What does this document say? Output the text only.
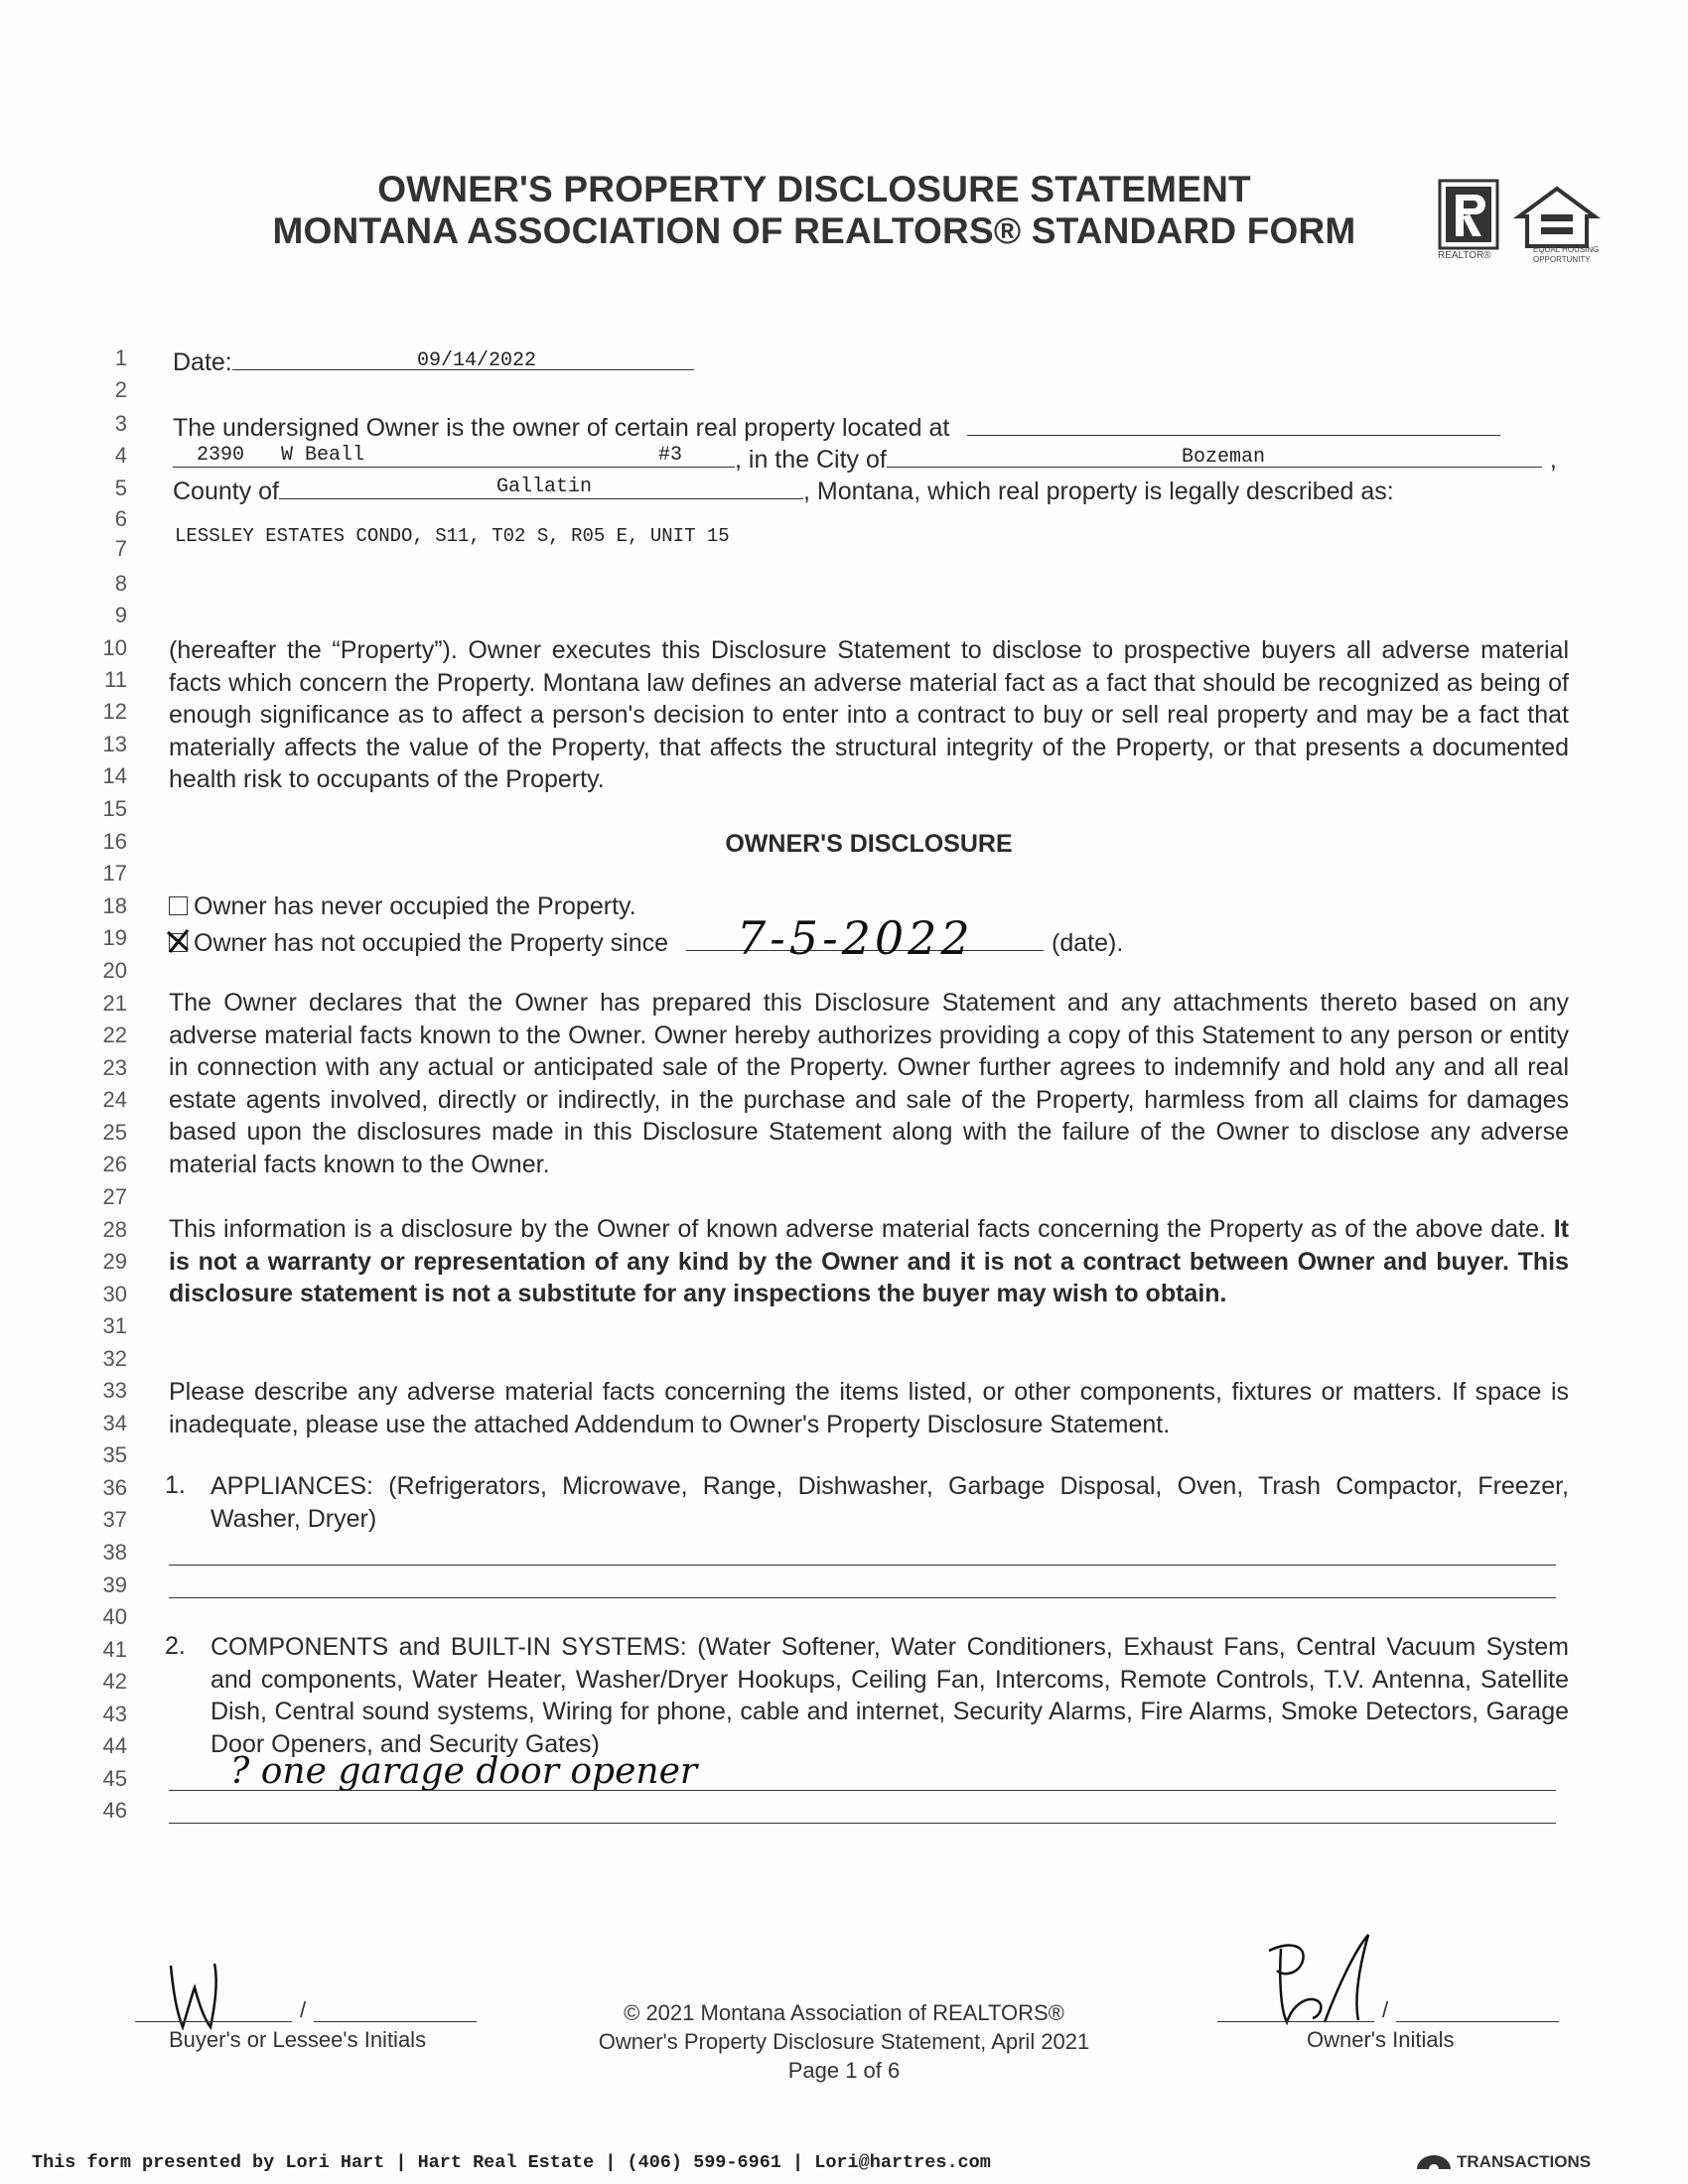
OWNER'S PROPERTY DISCLOSURE STATEMENT
MONTANA ASSOCIATION OF REALTORS® STANDARD FORM
REALTOR®
EQUAL HOUSING
OPPORTUNITY
1
2
3
4
5
6
7
8
9
10
11
12
13
14
15
16
17
18
19
20
21
22
23
24
25
26
27
28
29
30
31
32
33
34
35
36
37
38
39
40
41
42
43
44
45
46
Date:	09/14/2022
The undersigned Owner is the owner of certain real property located at
, in the City of	,
2390 W Beall	#3	Bozeman
County of	, Montana, which real property is legally described as:
Gallatin
LESSLEY ESTATES CONDO, S11, T02 S, R05 E, UNIT 15
(hereafter the “Property”). Owner executes this Disclosure Statement to disclose to prospective buyers all adverse material facts which concern the Property. Montana law defines an adverse material fact as a fact that should be recognized as being of enough significance as to affect a person's decision to enter into a contract to buy or sell real property and may be a fact that materially affects the value of the Property, that affects the structural integrity of the Property, or that presents a documented health risk to occupants of the Property.
OWNER'S DISCLOSURE
Owner has never occupied the Property.
Owner has not occupied the Property since	(date).
7-5-2022
The Owner declares that the Owner has prepared this Disclosure Statement and any attachments thereto based on any adverse material facts known to the Owner. Owner hereby authorizes providing a copy of this Statement to any person or entity in connection with any actual or anticipated sale of the Property. Owner further agrees to indemnify and hold any and all real estate agents involved, directly or indirectly, in the purchase and sale of the Property, harmless from all claims for damages based upon the disclosures made in this Disclosure Statement along with the failure of the Owner to disclose any adverse material facts known to the Owner.
This information is a disclosure by the Owner of known adverse material facts concerning the Property as of the above date. It is not a warranty or representation of any kind by the Owner and it is not a contract between Owner and buyer. This disclosure statement is not a substitute for any inspections the buyer may wish to obtain.
Please describe any adverse material facts concerning the items listed, or other components, fixtures or matters. If space is inadequate, please use the attached Addendum to Owner's Property Disclosure Statement.
1. APPLIANCES: (Refrigerators, Microwave, Range, Dishwasher, Garbage Disposal, Oven, Trash Compactor, Freezer, Washer, Dryer)
2. COMPONENTS and BUILT-IN SYSTEMS: (Water Softener, Water Conditioners, Exhaust Fans, Central Vacuum System and components, Water Heater, Washer/Dryer Hookups, Ceiling Fan, Intercoms, Remote Controls, T.V. Antenna, Satellite Dish, Central sound systems, Wiring for phone, cable and internet, Security Alarms, Fire Alarms, Smoke Detectors, Garage Door Openers, and Security Gates)
? one garage door opener
/
Buyer's or Lessee's Initials
© 2021 Montana Association of REALTORS®
Owner's Property Disclosure Statement, April 2021
Page 1 of 6
/
Owner's Initials
This form presented by Lori Hart | Hart Real Estate | (406) 599-6961 | Lori@hartres.com	TRANSACTIONS
